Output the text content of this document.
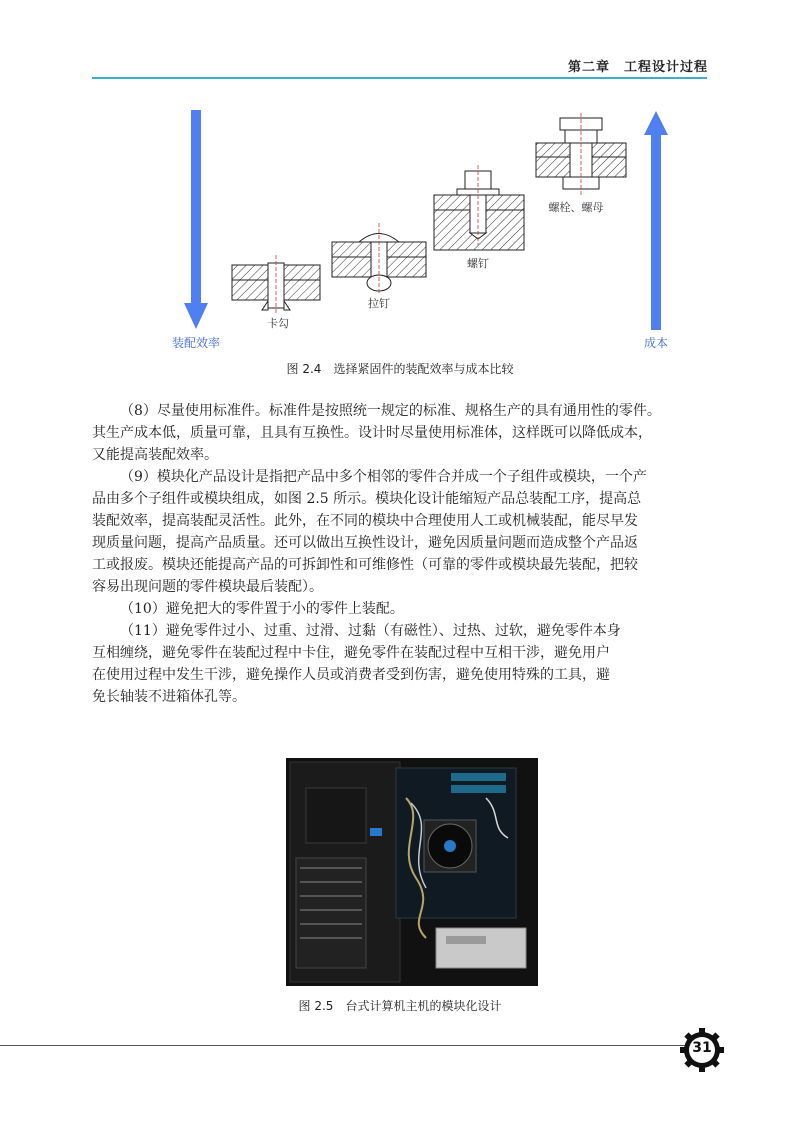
第二章　工程设计过程
装配效率	成本
卡勾
拉钉
螺钉
螺栓、螺母
图 2.4　选择紧固件的装配效率与成本比较
（8）尽量使用标准件。标准件是按照统一规定的标准、规格生产的具有通用性的零件。
其生产成本低，质量可靠，且具有互换性。设计时尽量使用标准体，这样既可以降低成本，
又能提高装配效率。
（9）模块化产品设计是指把产品中多个相邻的零件合并成一个子组件或模块，一个产
品由多个子组件或模块组成，如图 2.5 所示。模块化设计能缩短产品总装配工序，提高总
装配效率，提高装配灵活性。此外，在不同的模块中合理使用人工或机械装配，能尽早发
现质量问题，提高产品质量。还可以做出互换性设计，避免因质量问题而造成整个产品返
工或报废。模块还能提高产品的可拆卸性和可维修性（可靠的零件或模块最先装配，把较
容易出现问题的零件模块最后装配）。
（10）避免把大的零件置于小的零件上装配。
（11）避免零件过小、过重、过滑、过黏（有磁性）、过热、过软，避免零件本身
互相缠绕，避免零件在装配过程中卡住，避免零件在装配过程中互相干涉，避免用户
在使用过程中发生干涉，避免操作人员或消费者受到伤害，避免使用特殊的工具，避
免长轴装不进箱体孔等。
图 2.5　台式计算机主机的模块化设计
31
